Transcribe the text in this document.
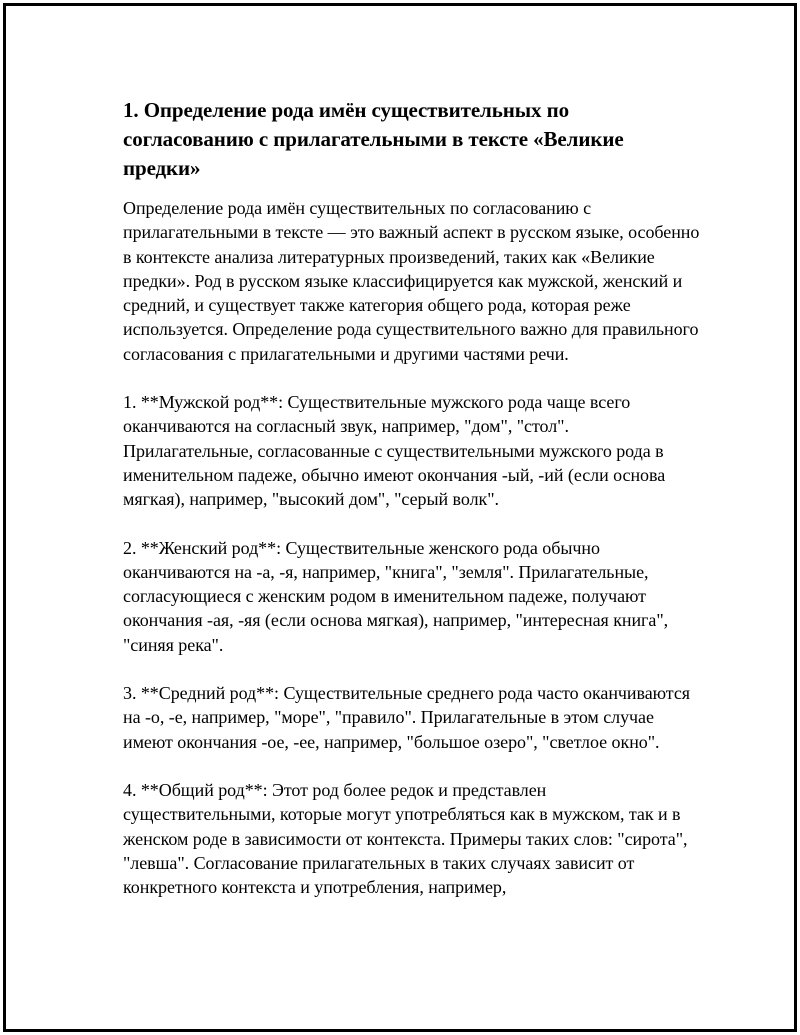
1. Определение рода имён существительных по согласованию с прилагательными в тексте «Великие предки»

Определение рода имён существительных по согласованию с прилагательными в тексте — это важный аспект в русском языке, особенно в контексте анализа литературных произведений, таких как «Великие предки». Род в русском языке классифицируется как мужской, женский и средний, и существует также категория общего рода, которая реже используется. Определение рода существительного важно для правильного согласования с прилагательными и другими частями речи.

1. **Мужской род**: Существительные мужского рода чаще всего оканчиваются на согласный звук, например, "дом", "стол". Прилагательные, согласованные с существительными мужского рода в именительном падеже, обычно имеют окончания -ый, -ий (если основа мягкая), например, "высокий дом", "серый волк".

2. **Женский род**: Существительные женского рода обычно оканчиваются на -а, -я, например, "книга", "земля". Прилагательные, согласующиеся с женским родом в именительном падеже, получают окончания -ая, -яя (если основа мягкая), например, "интересная книга", "синяя река".

3. **Средний род**: Существительные среднего рода часто оканчиваются на -о, -е, например, "море", "правило". Прилагательные в этом случае имеют окончания -ое, -ее, например, "большое озеро", "светлое окно".

4. **Общий род**: Этот род более редок и представлен существительными, которые могут употребляться как в мужском, так и в женском роде в зависимости от контекста. Примеры таких слов: "сирота", "левша". Согласование прилагательных в таких случаях зависит от конкретного контекста и употребления, например,
